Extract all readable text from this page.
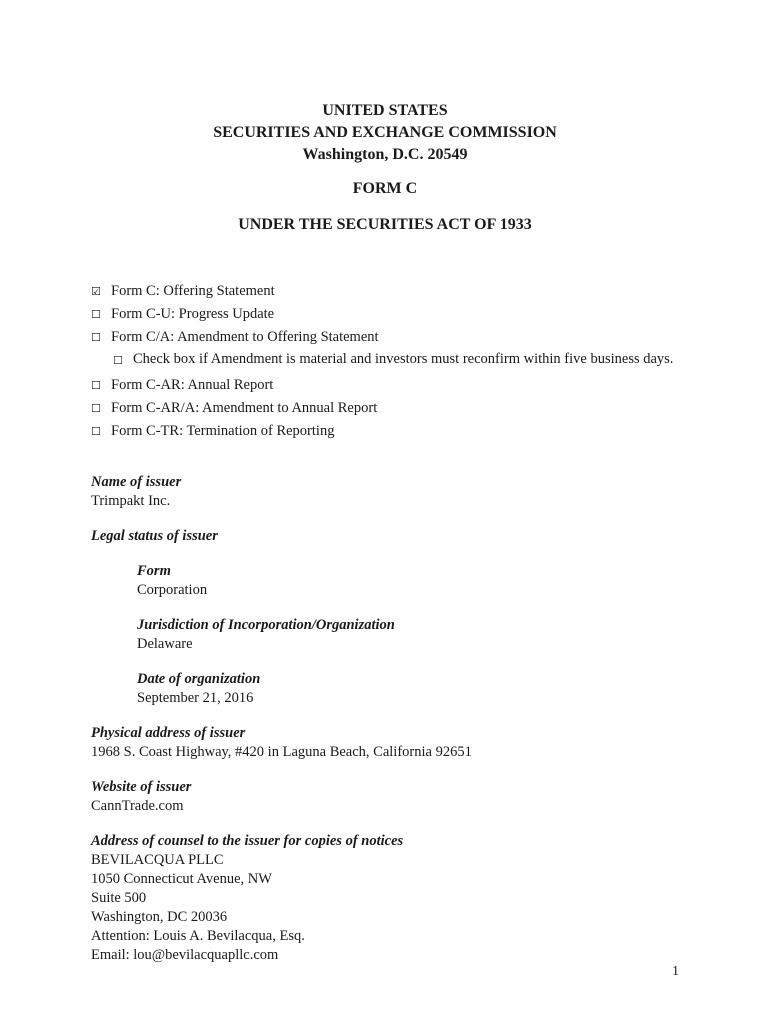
UNITED STATES
SECURITIES AND EXCHANGE COMMISSION
Washington, D.C. 20549
FORM C
UNDER THE SECURITIES ACT OF 1933
☑ Form C: Offering Statement
☐ Form C-U: Progress Update
☐ Form C/A: Amendment to Offering Statement
☐ Check box if Amendment is material and investors must reconfirm within five business days.
☐ Form C-AR: Annual Report
☐ Form C-AR/A: Amendment to Annual Report
☐ Form C-TR: Termination of Reporting
Name of issuer
Trimpakt Inc.
Legal status of issuer
Form
Corporation
Jurisdiction of Incorporation/Organization
Delaware
Date of organization
September 21, 2016
Physical address of issuer
1968 S. Coast Highway, #420 in Laguna Beach, California 92651
Website of issuer
CannTrade.com
Address of counsel to the issuer for copies of notices
BEVILACQUA PLLC
1050 Connecticut Avenue, NW
Suite 500
Washington, DC 20036
Attention: Louis A. Bevilacqua, Esq.
Email: lou@bevilacquapllc.com
1
